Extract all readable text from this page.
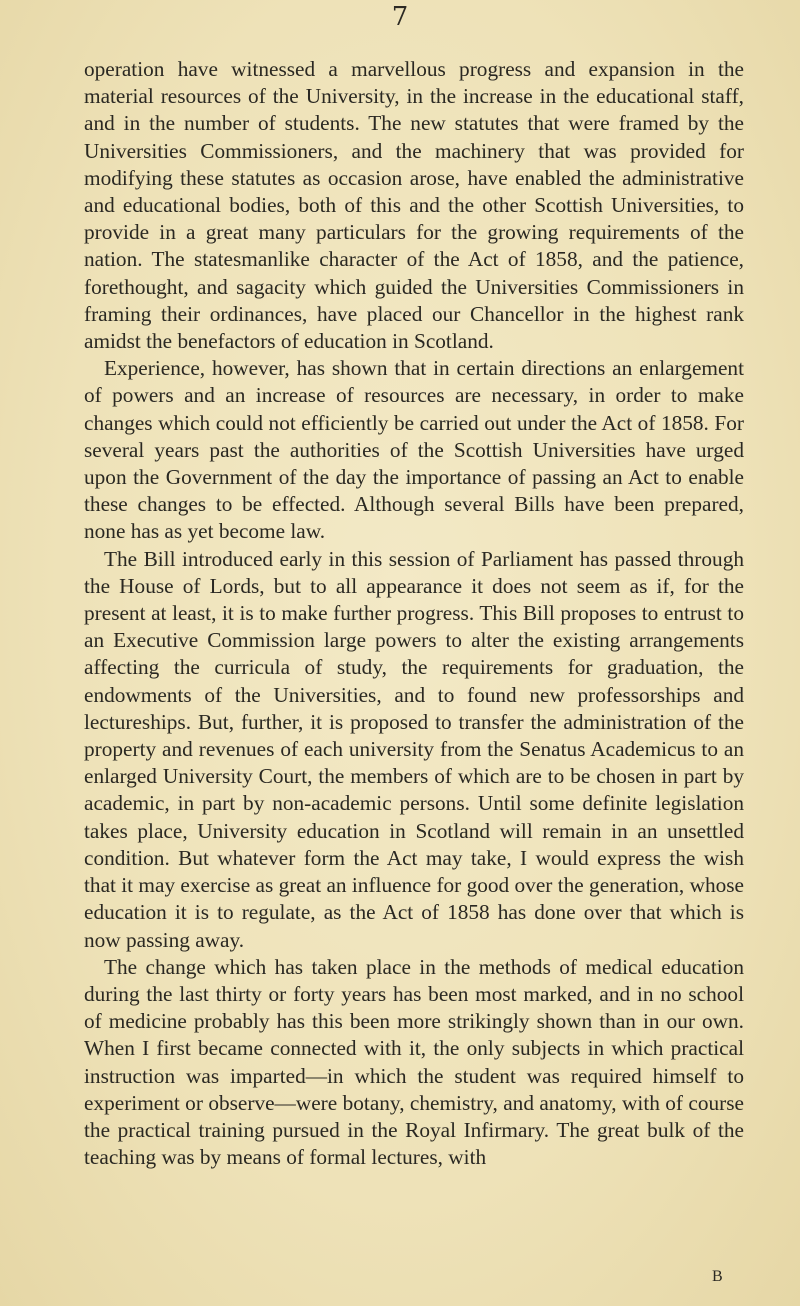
7

operation have witnessed a marvellous progress and expansion in the material resources of the University, in the increase in the educational staff, and in the number of students. The new statutes that were framed by the Universities Commissioners, and the machinery that was provided for modifying these statutes as occasion arose, have enabled the administrative and educational bodies, both of this and the other Scottish Universities, to provide in a great many particulars for the growing requirements of the nation. The statesmanlike character of the Act of 1858, and the patience, forethought, and sagacity which guided the Universities Commissioners in framing their ordinances, have placed our Chancellor in the highest rank amidst the benefactors of education in Scotland.

Experience, however, has shown that in certain directions an enlargement of powers and an increase of resources are necessary, in order to make changes which could not efficiently be carried out under the Act of 1858. For several years past the authorities of the Scottish Universities have urged upon the Government of the day the importance of passing an Act to enable these changes to be effected. Although several Bills have been prepared, none has as yet become law.

The Bill introduced early in this session of Parliament has passed through the House of Lords, but to all appearance it does not seem as if, for the present at least, it is to make further progress. This Bill proposes to entrust to an Executive Commission large powers to alter the existing arrangements affecting the curricula of study, the requirements for graduation, the endowments of the Universities, and to found new professorships and lectureships. But, further, it is proposed to transfer the administration of the property and revenues of each university from the Senatus Academicus to an enlarged University Court, the members of which are to be chosen in part by academic, in part by non-academic persons. Until some definite legislation takes place, University education in Scotland will remain in an unsettled condition. But whatever form the Act may take, I would express the wish that it may exercise as great an influence for good over the generation, whose education it is to regulate, as the Act of 1858 has done over that which is now passing away.

The change which has taken place in the methods of medical education during the last thirty or forty years has been most marked, and in no school of medicine probably has this been more strikingly shown than in our own. When I first became connected with it, the only subjects in which practical instruction was imparted—in which the student was required himself to experiment or observe—were botany, chemistry, and anatomy, with of course the practical training pursued in the Royal Infirmary. The great bulk of the teaching was by means of formal lectures, with

B
